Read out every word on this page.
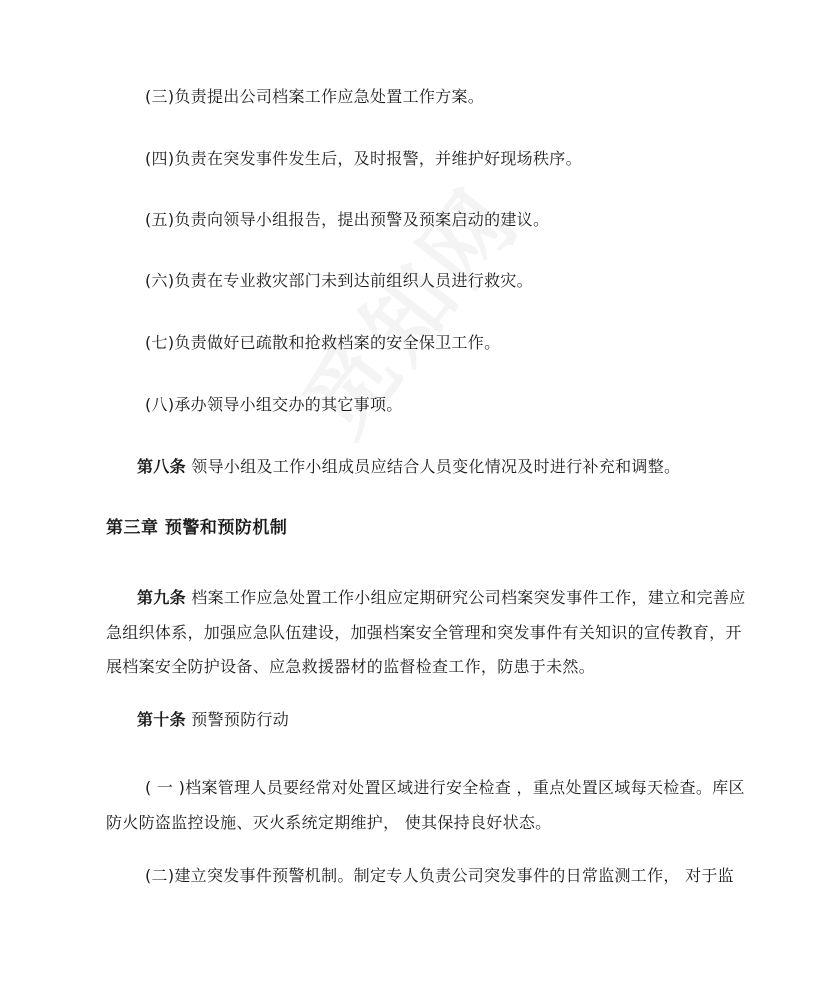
(三)负责提出公司档案工作应急处置工作方案。
(四)负责在突发事件发生后，及时报警，并维护好现场秩序。
(五)负责向领导小组报告，提出预警及预案启动的建议。
(六)负责在专业救灾部门未到达前组织人员进行救灾。
(七)负责做好已疏散和抢救档案的安全保卫工作。
(八)承办领导小组交办的其它事项。
第八条 领导小组及工作小组成员应结合人员变化情况及时进行补充和调整。
第三章 预警和预防机制
第九条 档案工作应急处置工作小组应定期研究公司档案突发事件工作，建立和完善应
急组织体系，加强应急队伍建设，加强档案安全管理和突发事件有关知识的宣传教育，开
展档案安全防护设备、应急救援器材的监督检查工作，防患于未然。
第十条 预警预防行动
( 一 )档案管理人员要经常对处置区域进行安全检查 ，重点处置区域每天检查。库区
防火防盗监控设施、灭火系统定期维护， 使其保持良好状态。
(二)建立突发事件预警机制。制定专人负责公司突发事件的日常监测工作， 对于监
